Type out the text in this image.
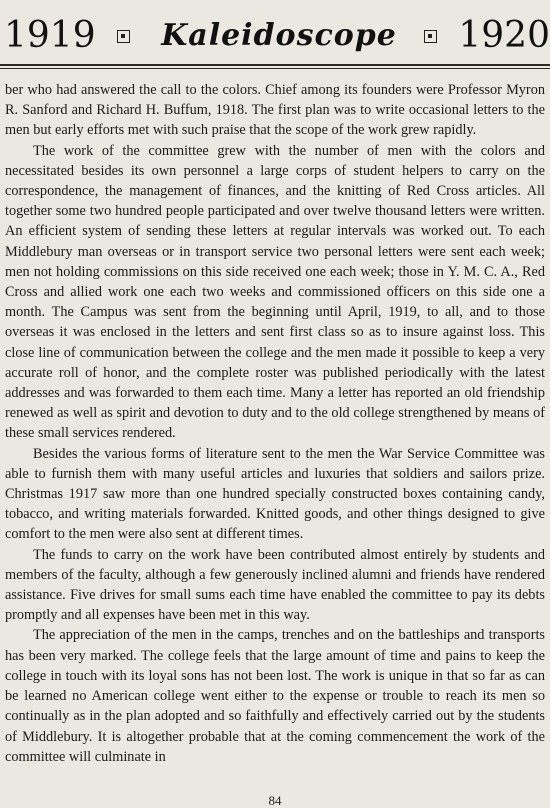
1919	Kaleidoscope	1920

ber who had answered the call to the colors. Chief among its founders were Professor Myron R. Sanford and Richard H. Buffum, 1918. The first plan was to write occasional letters to the men but early efforts met with such praise that the scope of the work grew rapidly.

The work of the committee grew with the number of men with the colors and necessitated besides its own personnel a large corps of student helpers to carry on the correspondence, the management of finances, and the knitting of Red Cross articles. All together some two hundred people participated and over twelve thousand letters were written. An efficient system of sending these letters at regular intervals was worked out. To each Middlebury man overseas or in transport service two personal letters were sent each week; men not holding commissions on this side received one each week; those in Y. M. C. A., Red Cross and allied work one each two weeks and commissioned officers on this side one a month. The Campus was sent from the beginning until April, 1919, to all, and to those overseas it was enclosed in the letters and sent first class so as to insure against loss. This close line of communication between the college and the men made it possible to keep a very accurate roll of honor, and the complete roster was published periodically with the latest addresses and was forwarded to them each time. Many a letter has reported an old friendship renewed as well as spirit and devotion to duty and to the old college strengthened by means of these small services rendered.

Besides the various forms of literature sent to the men the War Service Committee was able to furnish them with many useful articles and luxuries that soldiers and sailors prize. Christmas 1917 saw more than one hundred specially constructed boxes containing candy, tobacco, and writing materials forwarded. Knitted goods, and other things designed to give comfort to the men were also sent at different times.

The funds to carry on the work have been contributed almost entirely by students and members of the faculty, although a few generously inclined alumni and friends have rendered assistance. Five drives for small sums each time have enabled the committee to pay its debts promptly and all expenses have been met in this way.

The appreciation of the men in the camps, trenches and on the battleships and transports has been very marked. The college feels that the large amount of time and pains to keep the college in touch with its loyal sons has not been lost. The work is unique in that so far as can be learned no American college went either to the expense or trouble to reach its men so continually as in the plan adopted and so faithfully and effectively carried out by the students of Middlebury. It is altogether probable that at the coming commencement the work of the committee will culminate in

84
